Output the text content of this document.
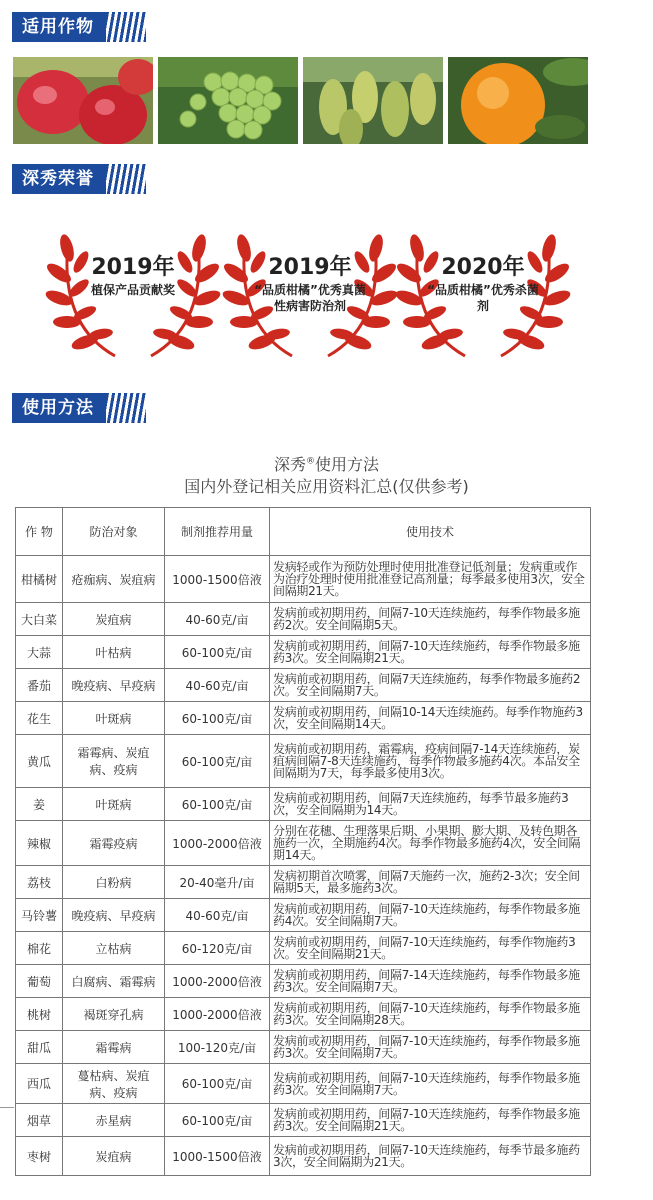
适用作物
深秀荣誉
2019年
植保产品贡献奖
2019年
“品质柑橘”优秀真菌性病害防治剂
2020年
“品质柑橘”优秀杀菌剂
使用方法
深秀®使用方法
国内外登记相关应用资料汇总(仅供参考)
作 物	防治对象	制剂推荐用量	使用技术
柑橘树	疮痂病、炭疽病	1000-1500倍液	发病轻或作为预防处理时使用批准登记低剂量；发病重或作为治疗处理时使用批准登记高剂量；每季最多使用3次，安全间隔期21天。
大白菜	炭疽病	40-60克/亩	发病前或初期用药，间隔7-10天连续施药，每季作物最多施药2次。安全间隔期5天。
大蒜	叶枯病	60-100克/亩	发病前或初期用药，间隔7-10天连续施药，每季作物最多施药3次。安全间隔期21天。
番茄	晚疫病、早疫病	40-60克/亩	发病前或初期用药，间隔7天连续施药，每季作物最多施药2次。安全间隔期7天。
花生	叶斑病	60-100克/亩	发病前或初期用药，间隔10-14天连续施药。每季作物施药3次，安全间隔期14天。
黄瓜	霜霉病、炭疽病、疫病	60-100克/亩	发病前或初期用药，霜霉病，疫病间隔7-14天连续施药，炭疽病间隔7-8天连续施药，每季作物最多施药4次。本品安全间隔期为7天，每季最多使用3次。
姜	叶斑病	60-100克/亩	发病前或初期用药，间隔7天连续施药，每季节最多施药3次，安全间隔期为14天。
辣椒	霜霉疫病	1000-2000倍液	分别在花穗、生理落果后期、小果期、膨大期、及转色期各施药一次，全期施药4次。每季作物最多施药4次，安全间隔期14天。
荔枝	白粉病	20-40毫升/亩	发病初期首次喷雾，间隔7天施药一次，施药2-3次；安全间隔期5天，最多施药3次。
马铃薯	晚疫病、早疫病	40-60克/亩	发病前或初期用药，间隔7-10天连续施药，每季作物最多施药4次。安全间隔期7天。
棉花	立枯病	60-120克/亩	发病前或初期用药，间隔7-10天连续施药，每季作物施药3次。安全间隔期21天。
葡萄	白腐病、霜霉病	1000-2000倍液	发病前或初期用药，间隔7-14天连续施药，每季作物最多施药3次。安全间隔期7天。
桃树	褐斑穿孔病	1000-2000倍液	发病前或初期用药，间隔7-10天连续施药，每季作物最多施药3次。安全间隔期28天。
甜瓜	霜霉病	100-120克/亩	发病前或初期用药，间隔7-10天连续施药，每季作物最多施药3次。安全间隔期7天。
西瓜	蔓枯病、炭疽病、疫病	60-100克/亩	发病前或初期用药，间隔7-10天连续施药，每季作物最多施药3次。安全间隔期7天。
烟草	赤星病	60-100克/亩	发病前或初期用药，间隔7-10天连续施药，每季作物最多施药3次。安全间隔期21天。
枣树	炭疽病	1000-1500倍液	发病前或初期用药，间隔7-10天连续施药，每季节最多施药3次，安全间隔期为21天。
